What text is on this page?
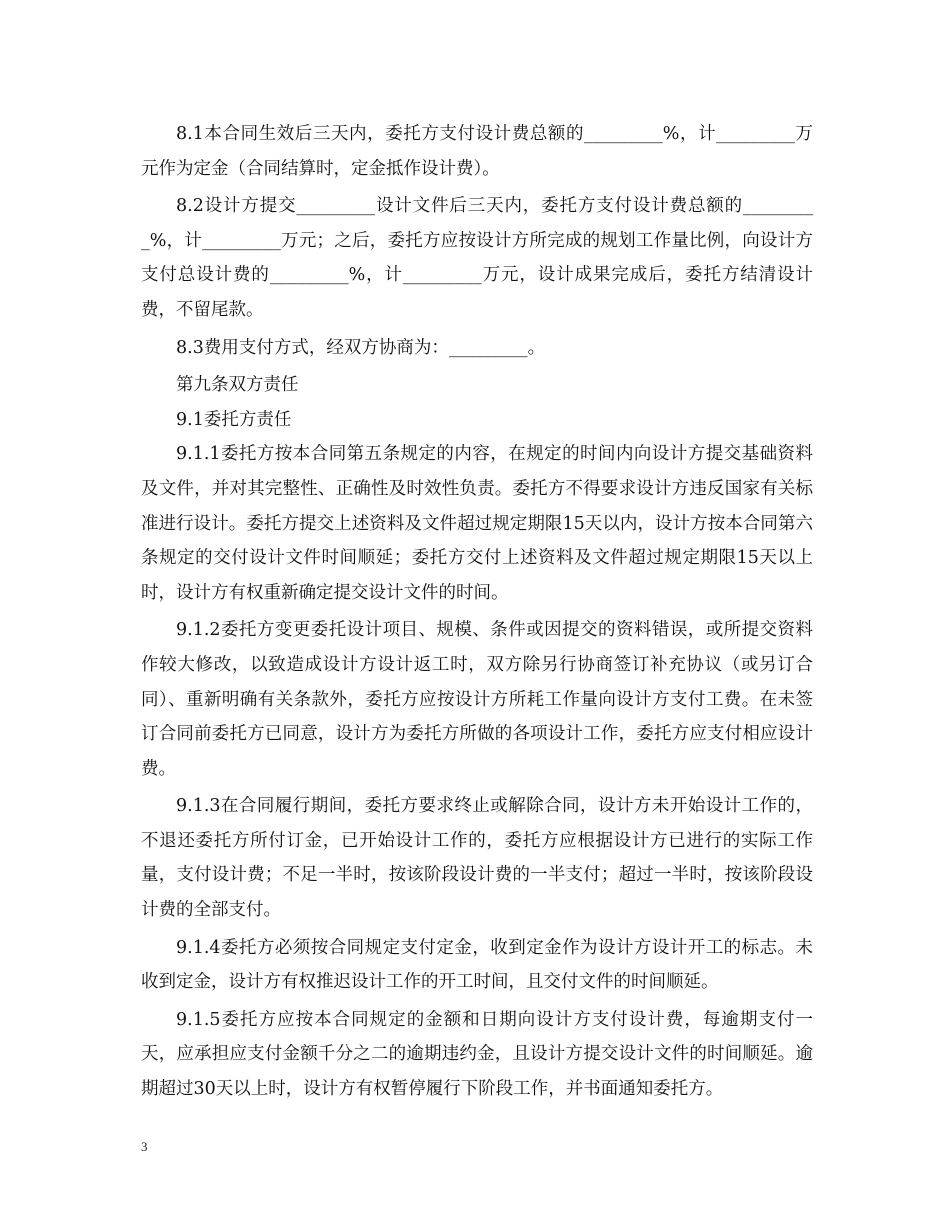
8.1本合同生效后三天内，委托方支付设计费总额的_________%，计_________万元作为定金（合同结算时，定金抵作设计费）。

8.2设计方提交_________设计文件后三天内，委托方支付设计费总额的_________%，计_________万元；之后，委托方应按设计方所完成的规划工作量比例，向设计方支付总设计费的_________%，计_________万元，设计成果完成后，委托方结清设计费，不留尾款。

8.3费用支付方式，经双方协商为：_________。

第九条双方责任

9.1委托方责任

9.1.1委托方按本合同第五条规定的内容，在规定的时间内向设计方提交基础资料及文件，并对其完整性、正确性及时效性负责。委托方不得要求设计方违反国家有关标准进行设计。委托方提交上述资料及文件超过规定期限15天以内，设计方按本合同第六条规定的交付设计文件时间顺延；委托方交付上述资料及文件超过规定期限15天以上时，设计方有权重新确定提交设计文件的时间。

9.1.2委托方变更委托设计项目、规模、条件或因提交的资料错误，或所提交资料作较大修改，以致造成设计方设计返工时，双方除另行协商签订补充协议（或另订合同）、重新明确有关条款外，委托方应按设计方所耗工作量向设计方支付工费。在未签订合同前委托方已同意，设计方为委托方所做的各项设计工作，委托方应支付相应设计费。

9.1.3在合同履行期间，委托方要求终止或解除合同，设计方未开始设计工作的，不退还委托方所付订金，已开始设计工作的，委托方应根据设计方已进行的实际工作量，支付设计费；不足一半时，按该阶段设计费的一半支付；超过一半时，按该阶段设计费的全部支付。

9.1.4委托方必须按合同规定支付定金，收到定金作为设计方设计开工的标志。未收到定金，设计方有权推迟设计工作的开工时间，且交付文件的时间顺延。

9.1.5委托方应按本合同规定的金额和日期向设计方支付设计费，每逾期支付一天，应承担应支付金额千分之二的逾期违约金，且设计方提交设计文件的时间顺延。逾期超过30天以上时，设计方有权暂停履行下阶段工作，并书面通知委托方。

3
